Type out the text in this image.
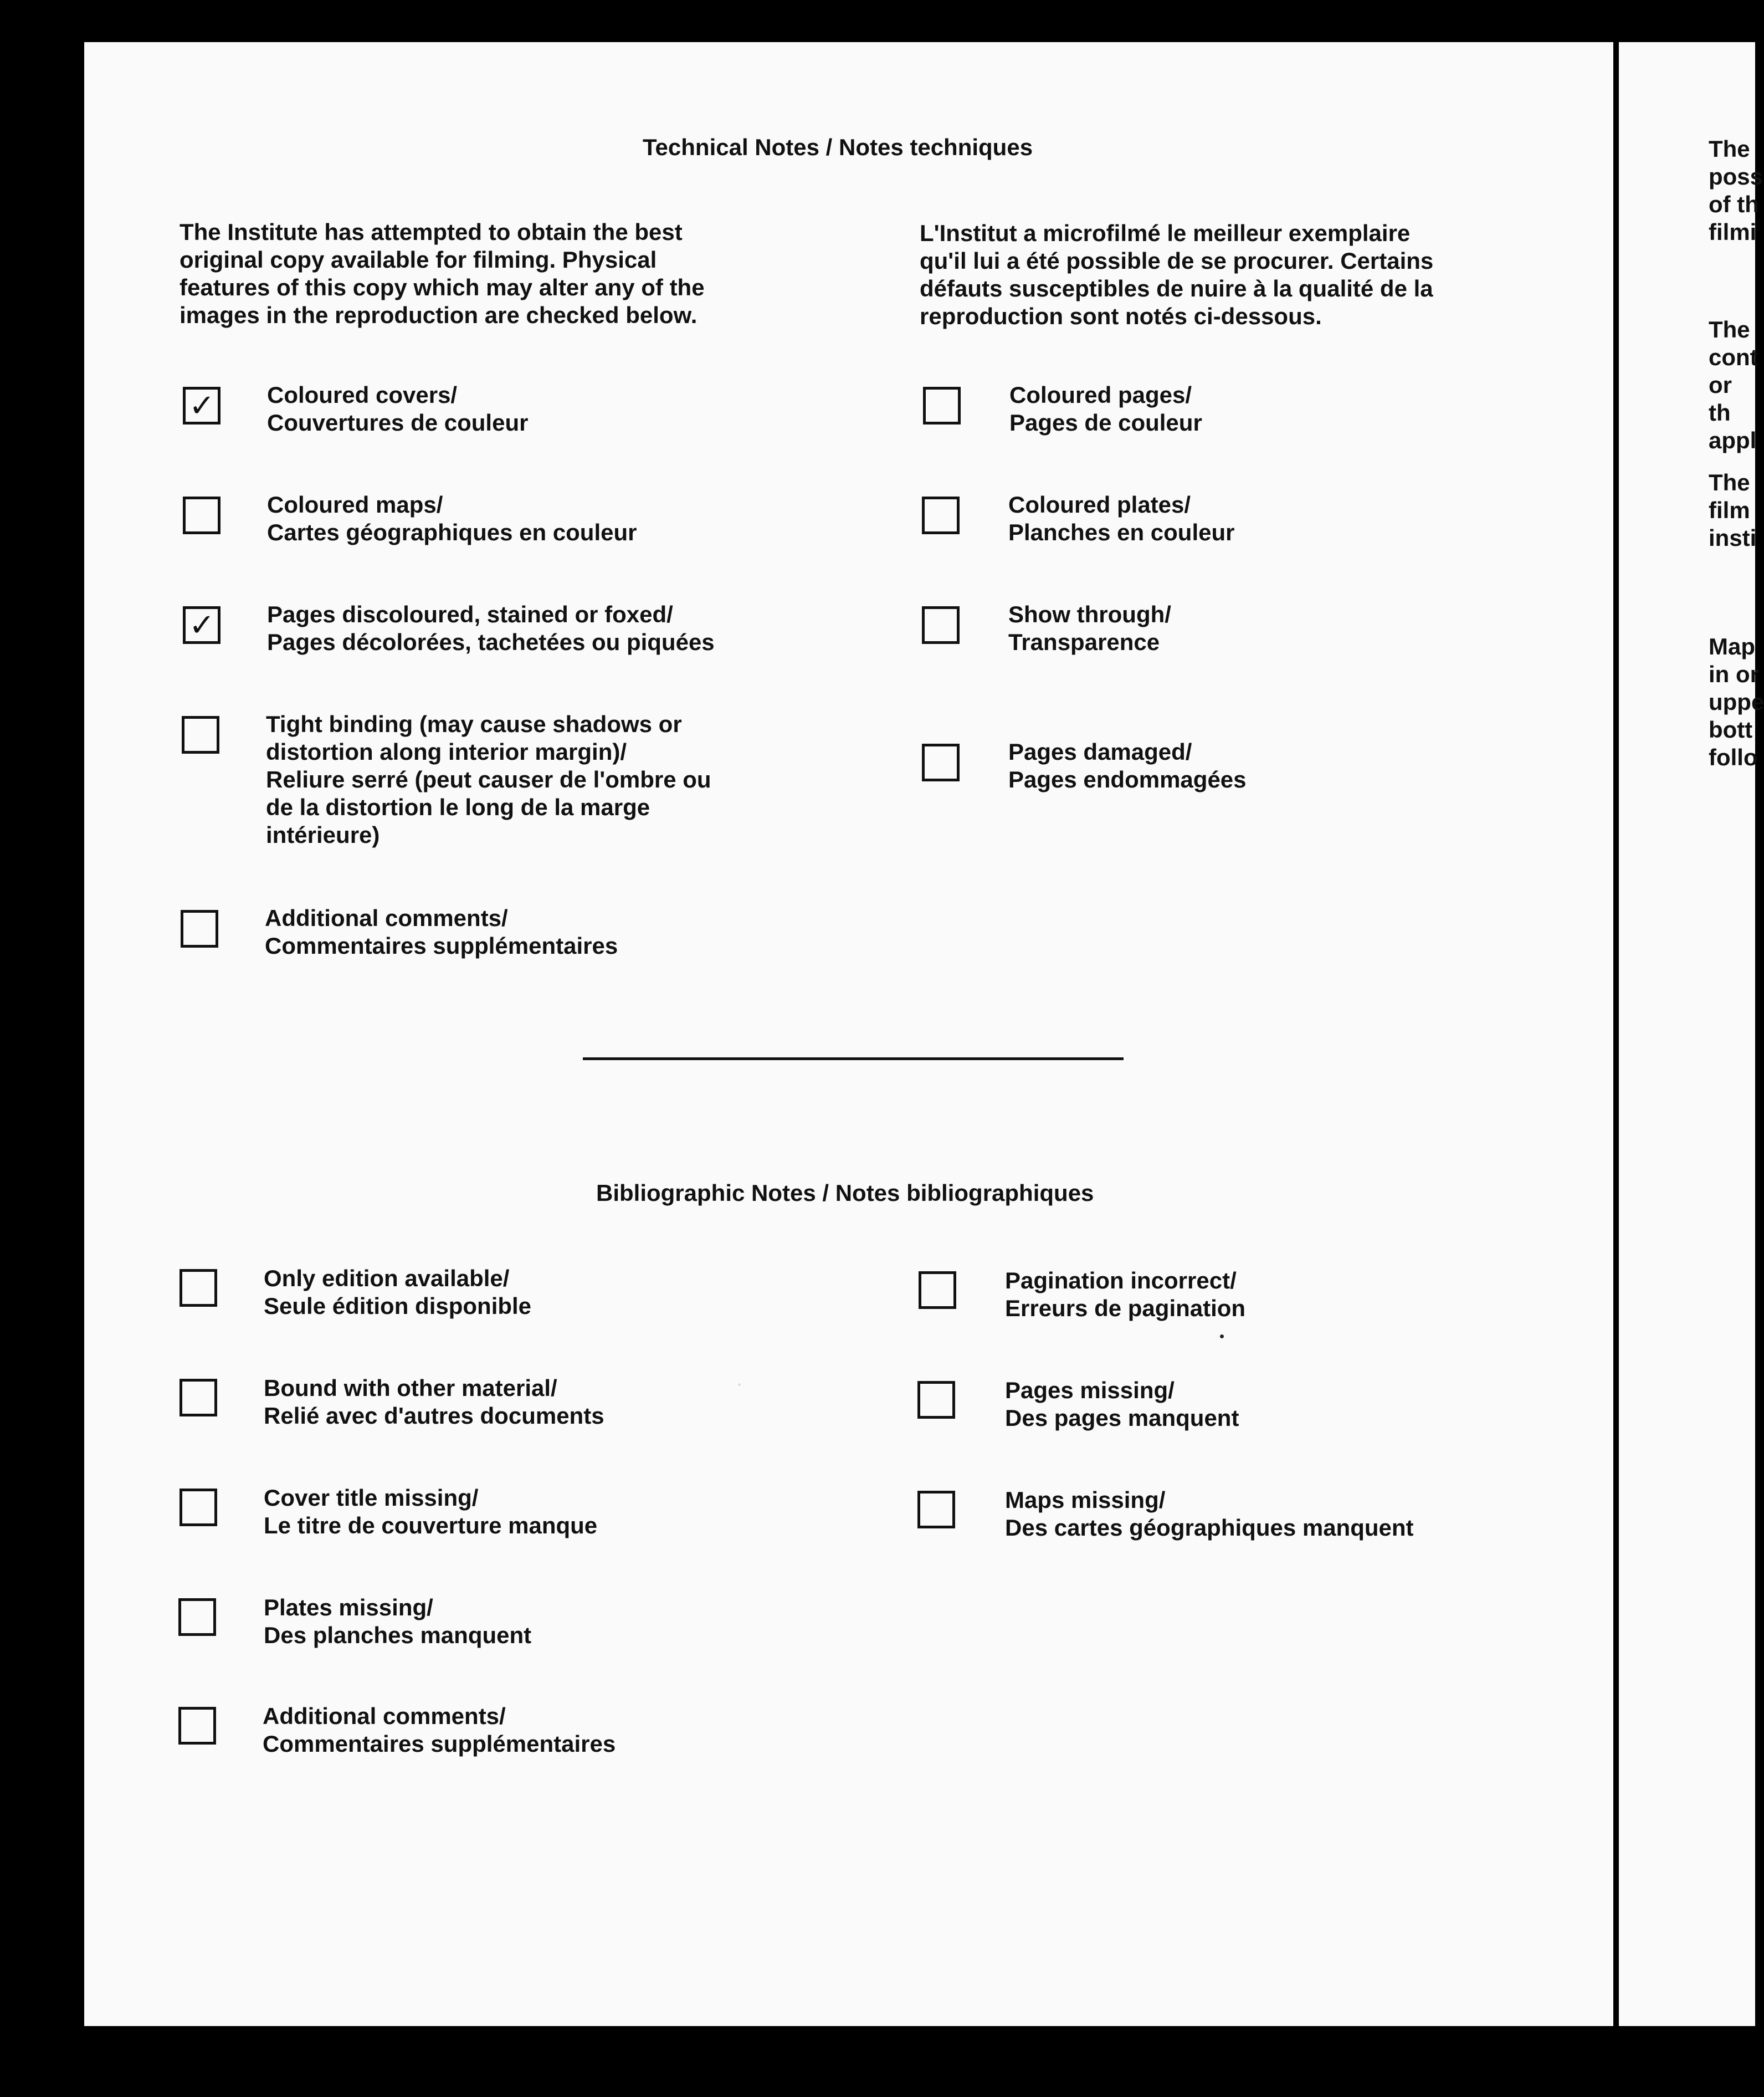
Technical Notes / Notes techniques
The Institute has attempted to obtain the best
original copy available for filming. Physical
features of this copy which may alter any of the
images in the reproduction are checked below.
L'Institut a microfilmé le meilleur exemplaire
qu'il lui a été possible de se procurer. Certains
défauts susceptibles de nuire à la qualité de la
reproduction sont notés ci-dessous.
✓ Coloured covers/
Couvertures de couleur
Coloured maps/
Cartes géographiques en couleur
✓ Pages discoloured, stained or foxed/
Pages décolorées, tachetées ou piquées
Tight binding (may cause shadows or
distortion along interior margin)/
Reliure serré (peut causer de l'ombre ou
de la distortion le long de la marge
intérieure)
Additional comments/
Commentaires supplémentaires
Coloured pages/
Pages de couleur
Coloured plates/
Planches en couleur
Show through/
Transparence
Pages damaged/
Pages endommagées
Bibliographic Notes / Notes bibliographiques
Only edition available/
Seule édition disponible
Bound with other material/
Relié avec d'autres documents
Cover title missing/
Le titre de couverture manque
Plates missing/
Des planches manquent
Additional comments/
Commentaires supplémentaires
Pagination incorrect/
Erreurs de pagination
Pages missing/
Des pages manquent
Maps missing/
Des cartes géographiques manquent
The
poss
of th
filmi
The
cont
or th
appl
The
film
insti
Map
in or
uppe
bott
follo
